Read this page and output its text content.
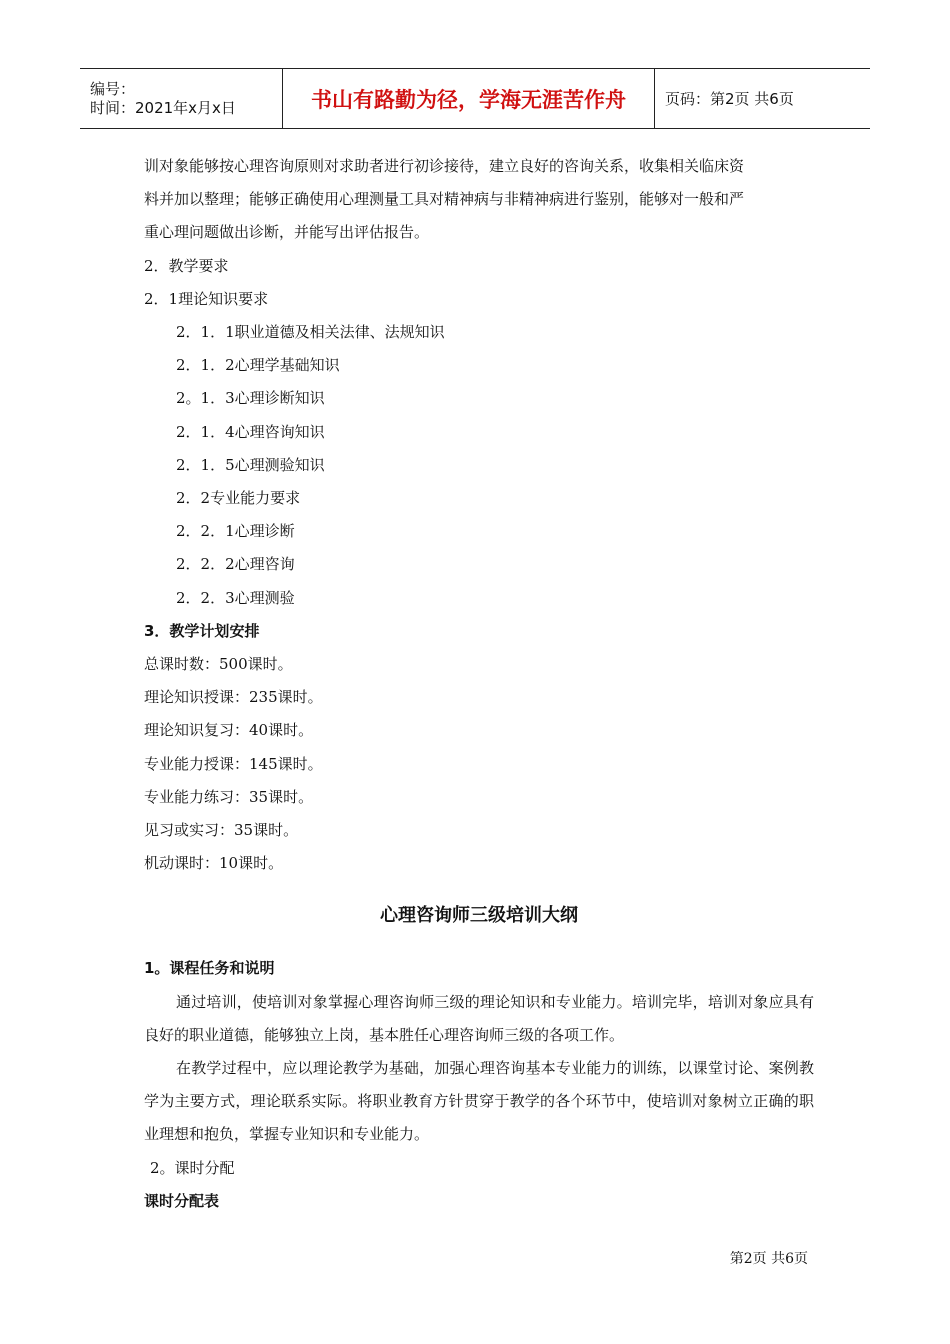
编号：
时间：2021年x月x日	书山有路勤为径，学海无涯苦作舟	页码：第2页 共6页

训对象能够按心理咨询原则对求助者进行初诊接待，建立良好的咨询关系，收集相关临床资

料并加以整理；能够正确使用心理测量工具对精神病与非精神病进行鉴别，能够对一般和严

重心理问题做出诊断，并能写出评估报告。

2．教学要求

2．1理论知识要求

2．1．1职业道德及相关法律、法规知识

2．1．2心理学基础知识

2。1．3心理诊断知识

2．1．4心理咨询知识

2．1．5心理测验知识

2．2专业能力要求

2．2．1心理诊断

2．2．2心理咨询

2．2．3心理测验

3．教学计划安排

总课时数：500课时。

理论知识授课：235课时。

理论知识复习：40课时。

专业能力授课：145课时。

专业能力练习：35课时。

见习或实习：35课时。

机动课时：10课时。

心理咨询师三级培训大纲

1。课程任务和说明

通过培训，使培训对象掌握心理咨询师三级的理论知识和专业能力。培训完毕，培训对象应具有良好的职业道德，能够独立上岗，基本胜任心理咨询师三级的各项工作。

在教学过程中，应以理论教学为基础，加强心理咨询基本专业能力的训练，以课堂讨论、案例教学为主要方式，理论联系实际。将职业教育方针贯穿于教学的各个环节中，使培训对象树立正确的职业理想和抱负，掌握专业知识和专业能力。

2。课时分配

课时分配表

第2页 共6页
